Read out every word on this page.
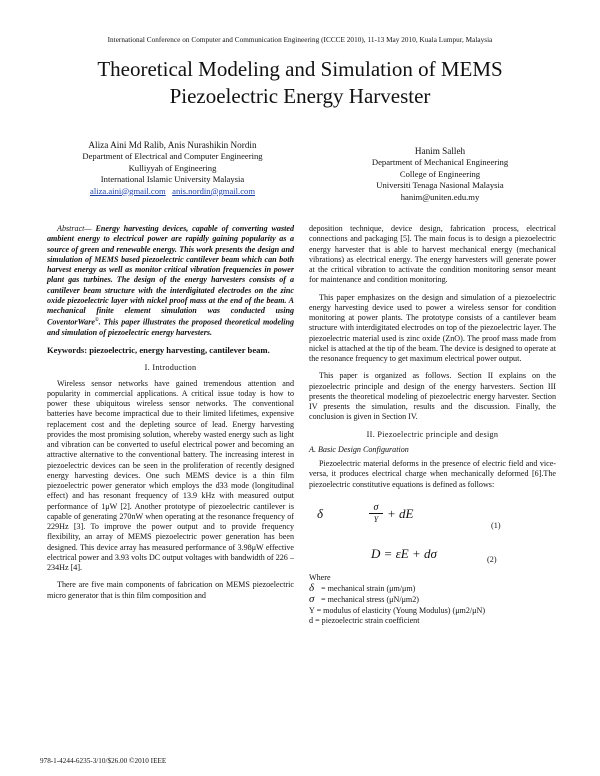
International Conference on Computer and Communication Engineering (ICCCE 2010), 11-13 May 2010, Kuala Lumpur, Malaysia
Theoretical Modeling and Simulation of MEMS
Piezoelectric Energy Harvester
Aliza Aini Md Ralib, Anis Nurashikin Nordin
Department of Electrical and Computer Engineering
Kulliyyah of Engineering
International Islamic University Malaysia
aliza.aini@gmail.com anis.nordin@gmail.com
Hanim Salleh
Department of Mechanical Engineering
College of Engineering
Universiti Tenaga Nasional Malaysia
hanim@uniten.edu.my

Abstract— Energy harvesting devices, capable of converting wasted ambient energy to electrical power are rapidly gaining popularity as a source of green and renewable energy. This work presents the design and simulation of MEMS based piezoelectric cantilever beam which can both harvest energy as well as monitor critical vibration frequencies in power plant gas turbines. The design of the energy harvesters consists of a cantilever beam structure with the interdigitated electrodes on the zinc oxide piezoelectric layer with nickel proof mass at the end of the beam. A mechanical finite element simulation was conducted using CoventorWare©. This paper illustrates the proposed theoretical modeling and simulation of piezoelectric energy harvesters.

Keywords: piezoelectric, energy harvesting, cantilever beam.

I. Introduction

Wireless sensor networks have gained tremendous attention and popularity in commercial applications. A critical issue today is how to power these ubiquitous wireless sensor networks. The conventional batteries have become impractical due to their limited lifetimes, expensive replacement cost and the depleting source of lead. Energy harvesting provides the most promising solution, whereby wasted energy such as light and vibration can be converted to useful electrical power and becoming an attractive alternative to the conventional battery. The increasing interest in piezoelectric devices can be seen in the proliferation of recently designed energy harvesting devices. One such MEMS device is a thin film piezoelectric power generator which employs the d33 mode (longitudinal effect) and has resonant frequency of 13.9 kHz with measured output performance of 1μW [2]. Another prototype of piezoelectric cantilever is capable of generating 270nW when operating at the resonance frequency of 229Hz [3]. To improve the power output and to provide frequency flexibility, an array of MEMS piezoelectric power generation has been designed. This device array has measured performance of 3.98μW effective electrical power and 3.93 volts DC output voltages with bandwidth of 226 – 234Hz [4].

There are five main components of fabrication on MEMS piezoelectric micro generator that is thin film composition and

deposition technique, device design, fabrication process, electrical connections and packaging [5]. The main focus is to design a piezoelectric energy harvester that is able to harvest mechanical energy (mechanical vibrations) as electrical energy. The energy harvesters will generate power at the critical vibration to activate the condition monitoring sensor meant for maintenance and condition monitoring.

This paper emphasizes on the design and simulation of a piezoelectric energy harvesting device used to power a wireless sensor for condition monitoring at power plants. The prototype consists of a cantilever beam structure with interdigitated electrodes on top of the piezoelectric layer. The piezoelectric material used is zinc oxide (ZnO). The proof mass made from nickel is attached at the tip of the beam. The device is designed to operate at the resonance frequency to get maximum electrical power output.

This paper is organized as follows. Section II explains on the piezoelectric principle and design of the energy harvesters. Section III presents the theoretical modeling of piezoelectric energy harvester. Section IV presents the simulation, results and the discussion. Finally, the conclusion is given in Section IV.

II. Piezoelectric principle and design
A. Basic Design Configuration

Piezoelectric material deforms in the presence of electric field and vice-versa, it produces electrical charge when mechanically deformed [6].The piezoelectric constitutive equations is defined as follows:

δ	σ
Y + dE
(1)
D = εE + dσ	(2)
Where
δ = mechanical strain (μm/μm)
σ = mechanical stress (μN/μm2)
Y = modulus of elasticity (Young Modulus) (μm2/μN)
d = piezoelectric strain coefficient
978-1-4244-6235-3/10/$26.00 ©2010 IEEE
